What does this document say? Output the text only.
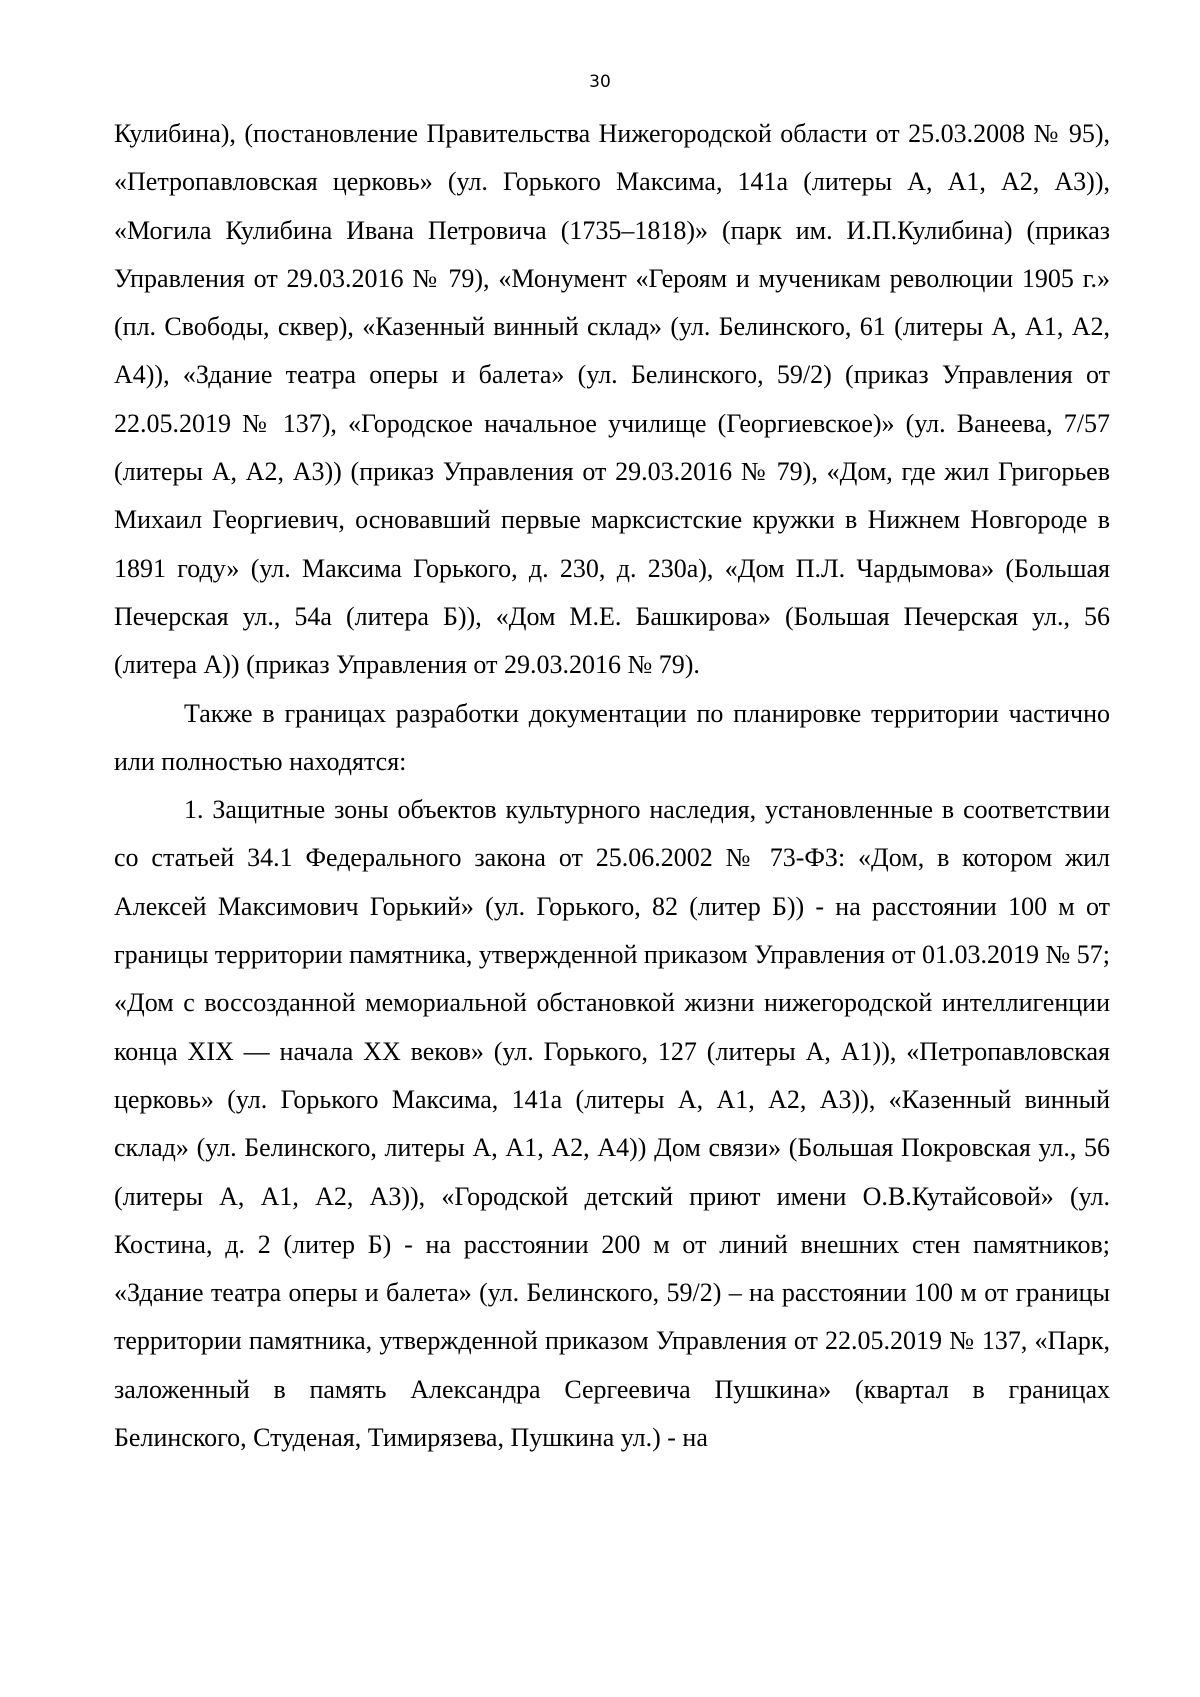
30

Кулибина), (постановление Правительства Нижегородской области от 25.03.2008 № 95), «Петропавловская церковь» (ул. Горького Максима, 141а (литеры А, А1, А2, А3)), «Могила Кулибина Ивана Петровича (1735–1818)» (парк им. И.П.Кулибина) (приказ Управления от 29.03.2016 № 79), «Монумент «Героям и мученикам революции 1905 г.» (пл. Свободы, сквер), «Казенный винный склад» (ул. Белинского, 61 (литеры А, А1, А2, А4)), «Здание театра оперы и балета» (ул. Белинского, 59/2) (приказ Управления от 22.05.2019 № 137), «Городское начальное училище (Георгиевское)» (ул. Ванеева, 7/57 (литеры А, А2, А3)) (приказ Управления от 29.03.2016 № 79), «Дом, где жил Григорьев Михаил Георгиевич, основавший первые марксистские кружки в Нижнем Новгороде в 1891 году» (ул. Максима Горького, д. 230, д. 230а), «Дом П.Л. Чардымова» (Большая Печерская ул., 54а (литера Б)), «Дом М.Е. Башкирова» (Большая Печерская ул., 56 (литера А)) (приказ Управления от 29.03.2016 № 79).

Также в границах разработки документации по планировке территории частично или полностью находятся:

1. Защитные зоны объектов культурного наследия, установленные в соответствии со статьей 34.1 Федерального закона от 25.06.2002 № 73-ФЗ: «Дом, в котором жил Алексей Максимович Горький» (ул. Горького, 82 (литер Б)) - на расстоянии 100 м от границы территории памятника, утвержденной приказом Управления от 01.03.2019 № 57; «Дом с воссозданной мемориальной обстановкой жизни нижегородской интеллигенции конца XIX — начала XX веков» (ул. Горького, 127 (литеры А, А1)), «Петропавловская церковь» (ул. Горького Максима, 141а (литеры А, А1, А2, А3)), «Казенный винный склад» (ул. Белинского, литеры А, А1, А2, А4)) Дом связи» (Большая Покровская ул., 56 (литеры А, А1, А2, А3)), «Городской детский приют имени О.В.Кутайсовой» (ул. Костина, д. 2 (литер Б) - на расстоянии 200 м от линий внешних стен памятников; «Здание театра оперы и балета» (ул. Белинского, 59/2) – на расстоянии 100 м от границы территории памятника, утвержденной приказом Управления от 22.05.2019 № 137, «Парк, заложенный в память Александра Сергеевича Пушкина» (квартал в границах Белинского, Студеная, Тимирязева, Пушкина ул.) - на
